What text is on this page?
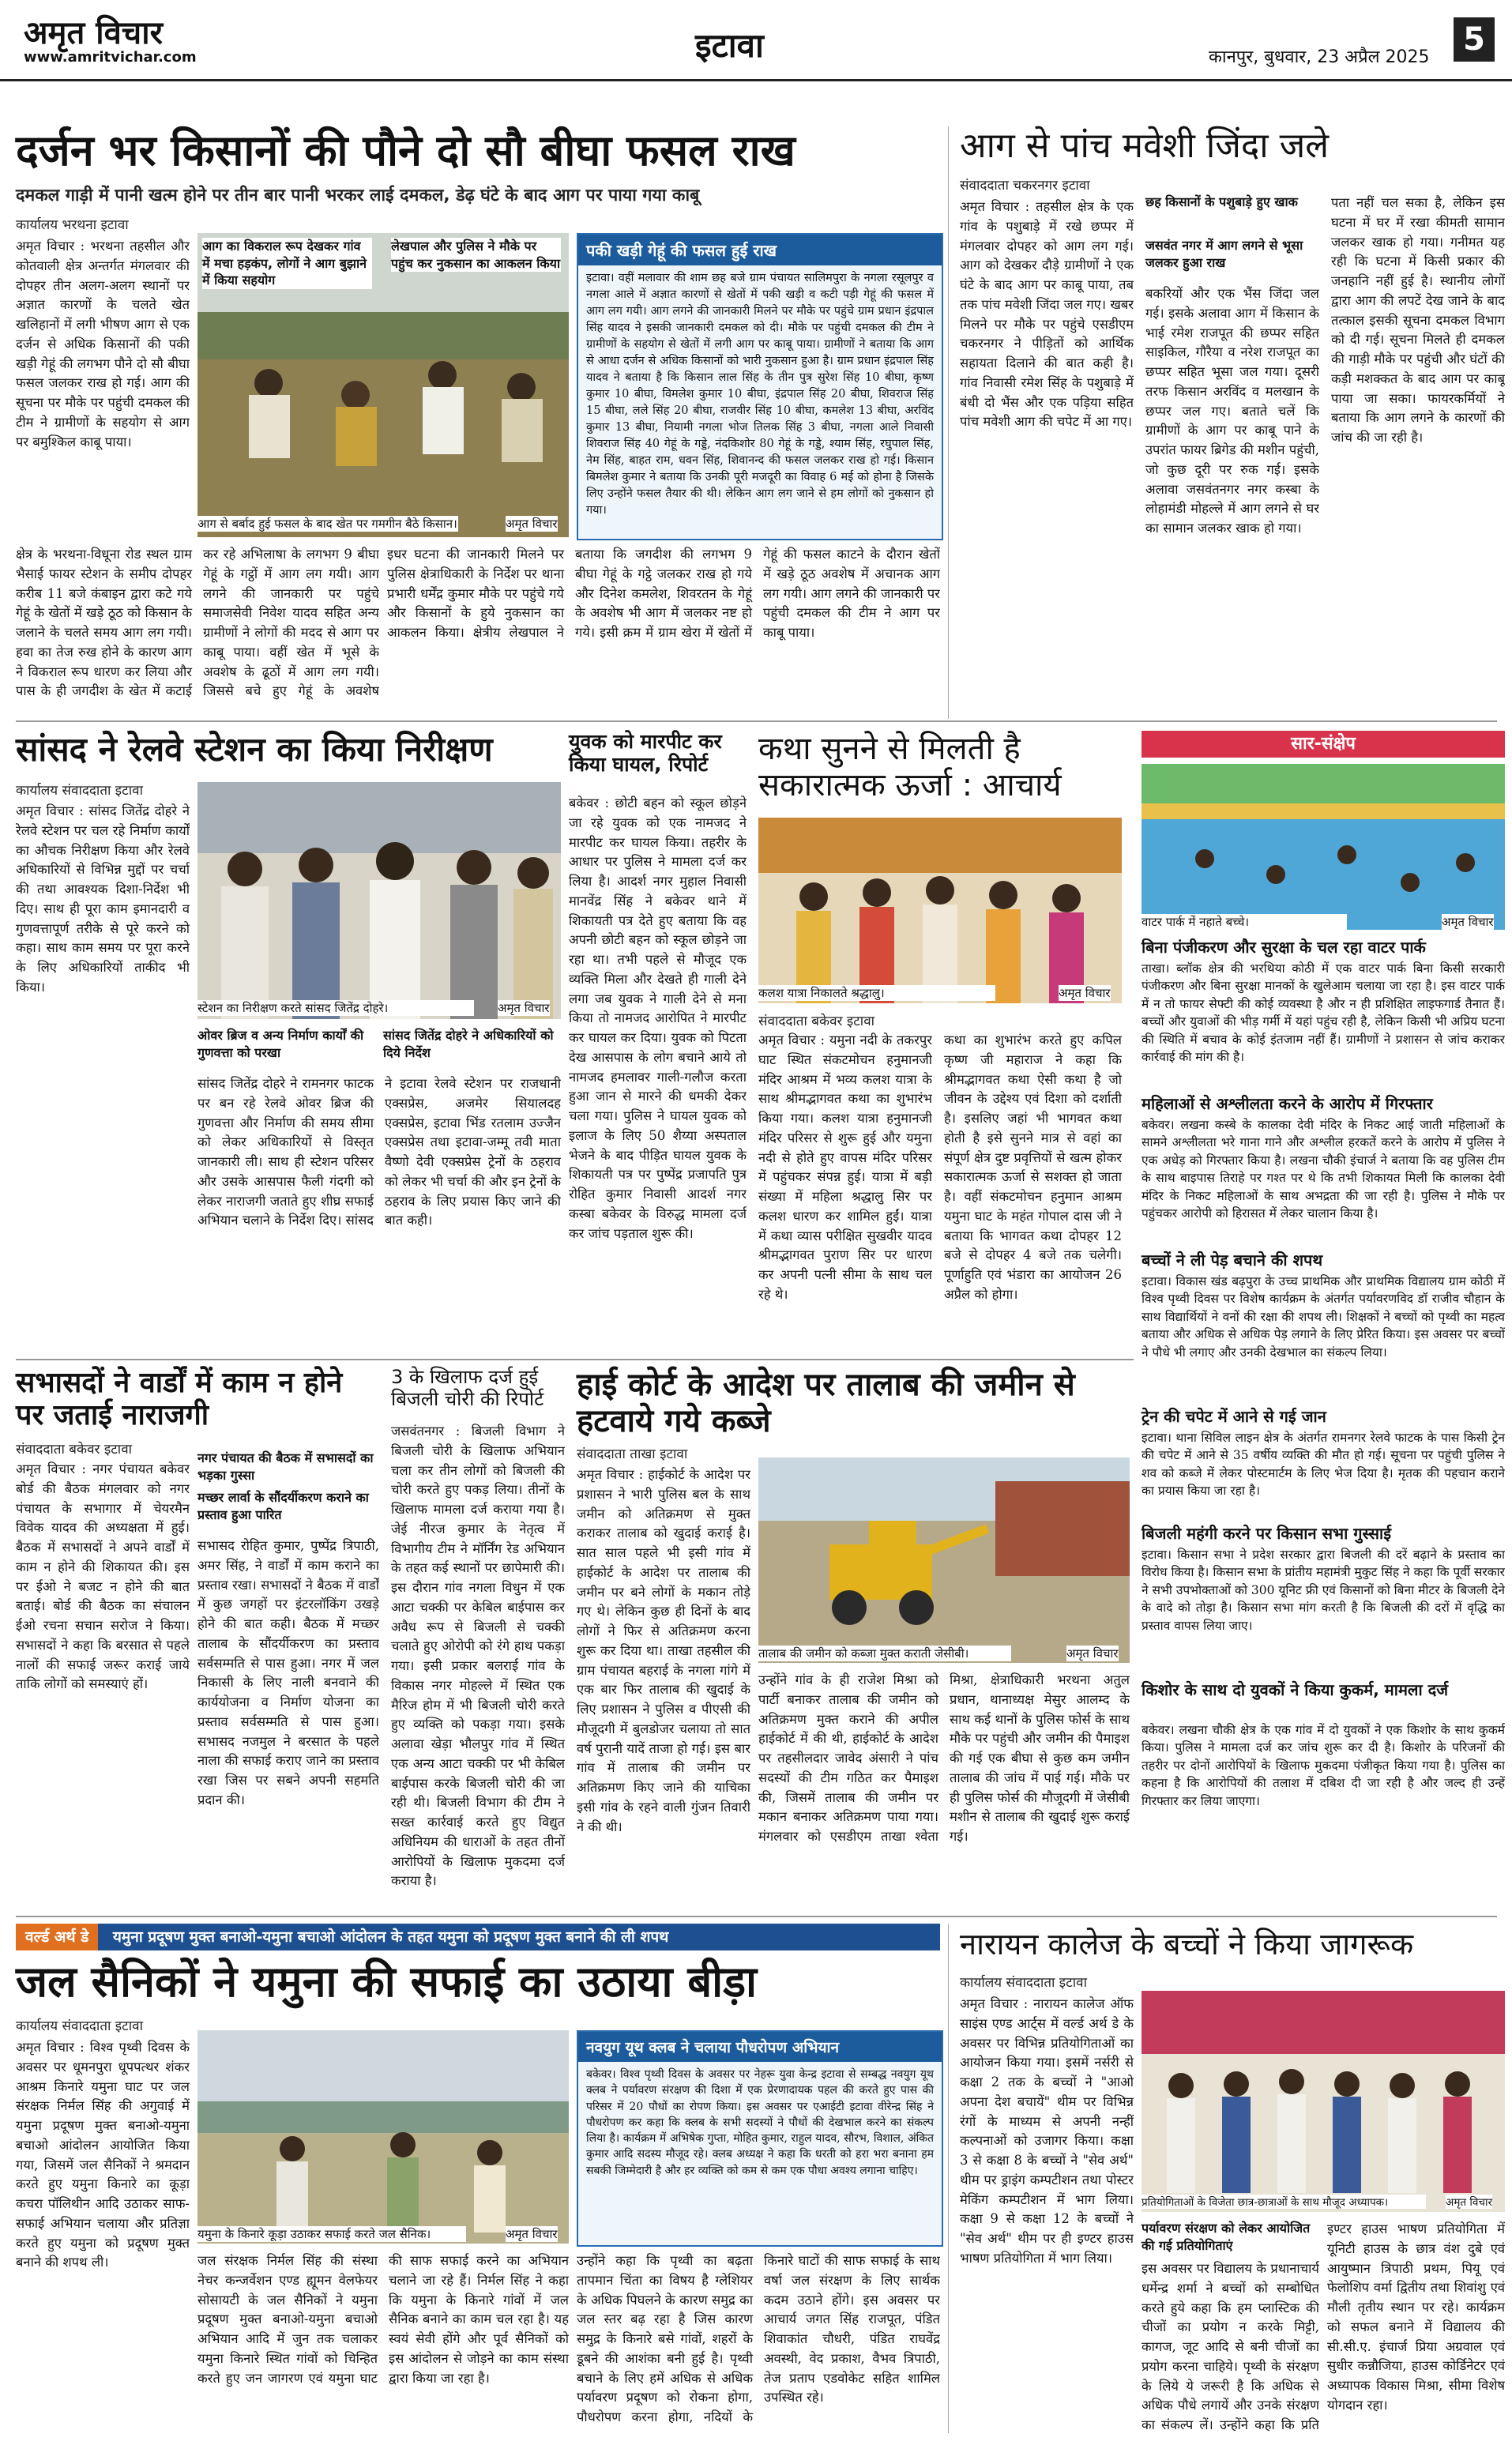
अमृत विचार
www.amritvichar.com	इटावा	कानपुर, बुधवार, 23 अप्रैल 2025	5
दर्जन भर किसानों की पौने दो सौ बीघा फसल राख
दमकल गाड़ी में पानी खत्म होने पर तीन बार पानी भरकर लाई दमकल, डेढ़ घंटे के बाद आग पर पाया गया काबू
कार्यालय भरथना इटावा
अमृत विचार : भरथना तहसील और कोतवाली क्षेत्र अन्तर्गत मंगलवार की दोपहर तीन अलग-अलग स्थानों पर अज्ञात कारणों के चलते खेत खलिहानों में लगी भीषण आग से एक दर्जन से अधिक किसानों की पकी खड़ी गेहूं की लगभग पौने दो सौ बीघा फसल जलकर राख हो गई। आग की सूचना पर मौके पर पहुंची दमकल की टीम ने ग्रामीणों के सहयोग से आग पर बमुश्किल काबू पाया।
आग का विकराल रूप देखकर गांव में मचा हड़कंप, लोगों ने आग बुझाने में किया सहयोग
लेखपाल और पुलिस ने मौके पर पहुंच कर नुकसान का आकलन किया
आग से बर्बाद हुई फसल के बाद खेत पर गमगीन बैठे किसान।	अमृत विचार
पकी खड़ी गेहूं की फसल हुई राख
इटावा। वहीं मलावार की शाम छह बजे ग्राम पंचायत सालिमपुरा के नगला रसूलपुर व नगला आले में अज्ञात कारणों से खेतों में पकी खड़ी व कटी पड़ी गेहूं की फसल में आग लग गयी। आग लगने की जानकारी मिलने पर मौके पर पहुंचे ग्राम प्रधान इंद्रपाल सिंह यादव ने इसकी जानकारी दमकल को दी। मौके पर पहुंची दमकल की टीम ने ग्रामीणों के सहयोग से खेतों में लगी आग पर काबू पाया। ग्रामीणों ने बताया कि आग से आधा दर्जन से अधिक किसानों को भारी नुकसान हुआ है। ग्राम प्रधान इंद्रपाल सिंह यादव ने बताया है कि किसान लाल सिंह के तीन पुत्र सुरेश सिंह 10 बीघा, कृष्ण कुमार 10 बीघा, विमलेश कुमार 10 बीघा, इंद्रपाल सिंह 20 बीघा, शिवराज सिंह 15 बीघा, लले सिंह 20 बीघा, राजवीर सिंह 10 बीघा, कमलेश 13 बीघा, अरविंद कुमार 13 बीघा, नियामी नगला भोज तिलक सिंह 3 बीघा, नगला आले निवासी शिवराज सिंह 40 गेहूं के गड्डे, नंदकिशोर 80 गेहूं के गड्डे, श्याम सिंह, रघुपाल सिंह, नेम सिंह, बाहत राम, धवन सिंह, शिवानन्द की फसल जलकर राख हो गई। किसान बिमलेश कुमार ने बताया कि उनकी पूरी मजदूरी का विवाह 6 मई को होना है जिसके लिए उन्होंने फसल तैयार की थी। लेकिन आग लग जाने से हम लोगों को नुकसान हो गया।
क्षेत्र के भरथना-विधूना रोड स्थल ग्राम भैसाई फायर स्टेशन के समीप दोपहर करीब 11 बजे कंबाइन द्वारा कटे गये गेहूं के खेतों में खड़े ठूठ को किसान के जलाने के चलते समय आग लग गयी। हवा का तेज रुख होने के कारण आग ने विकराल रूप धारण कर लिया और पास के ही जगदीश के खेत में कटाई कर रहे अभिलाषा के लगभग 9 बीघा गेहूं के गट्ठों में आग लग गयी। आग लगने की जानकारी पर पहुंचे समाजसेवी निवेश यादव सहित अन्य ग्रामीणों ने लोगों की मदद से आग पर काबू पाया। वहीं खेत में भूसे के अवशेष के ढूठों में आग लग गयी। जिससे बचे हुए गेहूं के अवशेष
इधर घटना की जानकारी मिलने पर पुलिस क्षेत्राधिकारी के निर्देश पर थाना प्रभारी धर्मेंद्र कुमार मौके पर पहुंचे गये और किसानों के हुये नुकसान का आकलन किया। क्षेत्रीय लेखपाल ने बताया कि जगदीश की लगभग 9 बीघा गेहूं के गट्ठे जलकर राख हो गये और दिनेश कमलेश, शिवरतन के गेहूं के अवशेष भी आग में जलकर नष्ट हो गये। इसी क्रम में ग्राम खेरा में खेतों में गेहूं की फसल काटने के दौरान खेतों में खड़े ठूठ अवशेष में अचानक आग लग गयी। आग लगने की जानकारी पर पहुंची दमकल की टीम ने आग पर काबू पाया।
आग से पांच मवेशी जिंदा जले
संवाददाता चकरनगर इटावा
अमृत विचार : तहसील क्षेत्र के एक गांव के पशुबाड़े में रखे छप्पर में मंगलवार दोपहर को आग लग गई। आग को देखकर दौड़े ग्रामीणों ने एक घंटे के बाद आग पर काबू पाया, तब तक पांच मवेशी जिंदा जल गए। खबर मिलने पर मौके पर पहुंचे एसडीएम चकरनगर ने पीड़ितों को आर्थिक सहायता दिलाने की बात कही है। गांव निवासी रमेश सिंह के पशुबाड़े में बंधी दो भैंस और एक पड़िया सहित पांच मवेशी आग की चपेट में आ गए।
छह किसानों के पशुबाड़े हुए खाक
जसवंत नगर में आग लगने से भूसा जलकर हुआ राख
बकरियों और एक भैंस जिंदा जल गई। इसके अलावा आग में किसान के भाई रमेश राजपूत की छप्पर सहित साइकिल, गौरैया व नरेश राजपूत का छप्पर सहित भूसा जल गया। दूसरी तरफ किसान अरविंद व मलखान के छप्पर जल गए। बताते चलें कि ग्रामीणों के आग पर काबू पाने के उपरांत फायर ब्रिगेड की मशीन पहुंची, जो कुछ दूरी पर रुक गई। इसके अलावा जसवंतनगर नगर कस्बा के लोहामंडी मोहल्ले में आग लगने से घर का सामान जलकर खाक हो गया।
पता नहीं चल सका है, लेकिन इस घटना में घर में रखा कीमती सामान जलकर खाक हो गया। गनीमत यह रही कि घटना में किसी प्रकार की जनहानि नहीं हुई है। स्थानीय लोगों द्वारा आग की लपटें देख जाने के बाद तत्काल इसकी सूचना दमकल विभाग को दी गई। सूचना मिलते ही दमकल की गाड़ी मौके पर पहुंची और घंटों की कड़ी मशक्कत के बाद आग पर काबू पाया जा सका। फायरकर्मियों ने बताया कि आग लगने के कारणों की जांच की जा रही है।
सांसद ने रेलवे स्टेशन का किया निरीक्षण
कार्यालय संवाददाता इटावा
अमृत विचार : सांसद जितेंद्र दोहरे ने रेलवे स्टेशन पर चल रहे निर्माण कार्यों का औचक निरीक्षण किया और रेलवे अधिकारियों से विभिन्न मुद्दों पर चर्चा की तथा आवश्यक दिशा-निर्देश भी दिए। साथ ही पूरा काम इमानदारी व गुणवत्तापूर्ण तरीके से पूरे करने को कहा। साथ काम समय पर पूरा करने के लिए अधिकारियों ताकीद भी किया।
स्टेशन का निरीक्षण करते सांसद जितेंद्र दोहरे।	अमृत विचार
ओवर ब्रिज व अन्य निर्माण कार्यों की गुणवत्ता को परखा
सांसद जितेंद्र दोहरे ने अधिकारियों को दिये निर्देश
सांसद जितेंद्र दोहरे ने रामनगर फाटक पर बन रहे रेलवे ओवर ब्रिज की गुणवत्ता और निर्माण की समय सीमा को लेकर अधिकारियों से विस्तृत जानकारी ली। साथ ही स्टेशन परिसर और उसके आसपास फैली गंदगी को लेकर नाराजगी जताते हुए शीघ्र सफाई अभियान चलाने के निर्देश दिए। सांसद ने इटावा रेलवे स्टेशन पर राजधानी एक्सप्रेस, अजमेर सियालदह एक्सप्रेस, इटावा भिंड रतलाम उज्जैन एक्सप्रेस तथा इटावा-जम्मू तवी माता वैष्णो देवी एक्सप्रेस ट्रेनों के ठहराव को लेकर भी चर्चा की और इन ट्रेनों के ठहराव के लिए प्रयास किए जाने की बात कही।
युवक को मारपीट कर किया घायल, रिपोर्ट
बकेवर : छोटी बहन को स्कूल छोड़ने जा रहे युवक को एक नामजद ने मारपीट कर घायल किया। तहरीर के आधार पर पुलिस ने मामला दर्ज कर लिया है। आदर्श नगर मुहाल निवासी मानवेंद्र सिंह ने बकेवर थाने में शिकायती पत्र देते हुए बताया कि वह अपनी छोटी बहन को स्कूल छोड़ने जा रहा था। तभी पहले से मौजूद एक व्यक्ति मिला और देखते ही गाली देने लगा जब युवक ने गाली देने से मना किया तो नामजद आरोपित ने मारपीट कर घायल कर दिया। युवक को पिटता देख आसपास के लोग बचाने आये तो नामजद हमलावर गाली-गलौज करता हुआ जान से मारने की धमकी देकर चला गया। पुलिस ने घायल युवक को इलाज के लिए 50 शैय्या अस्पताल भेजने के बाद पीड़ित घायल युवक के शिकायती पत्र पर पुष्पेंद्र प्रजापति पुत्र रोहित कुमार निवासी आदर्श नगर कस्बा बकेवर के विरुद्ध मामला दर्ज कर जांच पड़ताल शुरू की।
कथा सुनने से मिलती है सकारात्मक ऊर्जा : आचार्य
कलश यात्रा निकालते श्रद्धालु।	अमृत विचार
संवाददाता बकेवर इटावा
अमृत विचार : यमुना नदी के तकरपुर घाट स्थित संकटमोचन हनुमानजी मंदिर आश्रम में भव्य कलश यात्रा के साथ श्रीमद्भागवत कथा का शुभारंभ किया गया। कलश यात्रा हनुमानजी मंदिर परिसर से शुरू हुई और यमुना नदी से होते हुए वापस मंदिर परिसर में पहुंचकर संपन्न हुई। यात्रा में बड़ी संख्या में महिला श्रद्धालु सिर पर कलश धारण कर शामिल हुईं। यात्रा में कथा व्यास परीक्षित सुखवीर यादव श्रीमद्भागवत पुराण सिर पर धारण कर अपनी पत्नी सीमा के साथ चल रहे थे।
कथा का शुभारंभ करते हुए कपिल कृष्ण जी महाराज ने कहा कि श्रीमद्भागवत कथा ऐसी कथा है जो जीवन के उद्देश्य एवं दिशा को दर्शाती है। इसलिए जहां भी भागवत कथा होती है इसे सुनने मात्र से वहां का संपूर्ण क्षेत्र दुष्ट प्रवृत्तियों से खत्म होकर सकारात्मक ऊर्जा से सशक्त हो जाता है। वहीं संकटमोचन हनुमान आश्रम यमुना घाट के महंत गोपाल दास जी ने बताया कि भागवत कथा दोपहर 12 बजे से दोपहर 4 बजे तक चलेगी। पूर्णाहुति एवं भंडारा का आयोजन 26 अप्रैल को होगा।
सभासदों ने वार्डों में काम न होने पर जताई नाराजगी
संवाददाता बकेवर इटावा
अमृत विचार : नगर पंचायत बकेवर बोर्ड की बैठक मंगलवार को नगर पंचायत के सभागार में चेयरमैन विवेक यादव की अध्यक्षता में हुई। बैठक में सभासदों ने अपने वार्डों में काम न होने की शिकायत की। इस पर ईओ ने बजट न होने की बात बताई। बोर्ड की बैठक का संचालन ईओ रचना सचान सरोज ने किया। सभासदों ने कहा कि बरसात से पहले नालों की सफाई जरूर कराई जाये ताकि लोगों को समस्याएं हों।
नगर पंचायत की बैठक में सभासदों का भड़का गुस्सा
मच्छर लार्वा के सौंदर्यीकरण कराने का प्रस्ताव हुआ पारित
सभासद रोहित कुमार, पुष्पेंद्र त्रिपाठी, अमर सिंह, ने वार्डों में काम कराने का प्रस्ताव रखा। सभासदों ने बैठक में वार्डों में कुछ जगहों पर इंटरलॉकिंग उखड़े होने की बात कही। बैठक में मच्छर तालाब के सौंदर्यीकरण का प्रस्ताव सर्वसम्मति से पास हुआ। नगर में जल निकासी के लिए नाली बनवाने की कार्ययोजना व निर्माण योजना का प्रस्ताव सर्वसम्मति से पास हुआ। सभासद नजमुल ने बरसात के पहले नाला की सफाई कराए जाने का प्रस्ताव रखा जिस पर सबने अपनी सहमति प्रदान की।
3 के खिलाफ दर्ज हुई बिजली चोरी की रिपोर्ट
जसवंतनगर : बिजली विभाग ने बिजली चोरी के खिलाफ अभियान चला कर तीन लोगों को बिजली की चोरी करते हुए पकड़ लिया। तीनों के खिलाफ मामला दर्ज कराया गया है। जेई नीरज कुमार के नेतृत्व में विभागीय टीम ने मॉर्निंग रेड अभियान के तहत कई स्थानों पर छापेमारी की। इस दौरान गांव नगला विधुन में एक आटा चक्की पर केबिल बाईपास कर अवैध रूप से बिजली से चक्की चलाते हुए ओरोपी को रंगे हाथ पकड़ा गया। इसी प्रकार बलराई गांव के विकास नगर मोहल्ले में स्थित एक मैरिज होम में भी बिजली चोरी करते हुए व्यक्ति को पकड़ा गया। इसके अलावा खेड़ा भौलपुर गांव में स्थित एक अन्य आटा चक्की पर भी केबिल बाईपास करके बिजली चोरी की जा रही थी। बिजली विभाग की टीम ने सख्त कार्रवाई करते हुए विद्युत अधिनियम की धाराओं के तहत तीनों आरोपियों के खिलाफ मुकदमा दर्ज कराया है।
हाई कोर्ट के आदेश पर तालाब की जमीन से हटवाये गये कब्जे
संवाददाता ताखा इटावा
अमृत विचार : हाईकोर्ट के आदेश पर प्रशासन ने भारी पुलिस बल के साथ जमीन को अतिक्रमण से मुक्त कराकर तालाब को खुदाई कराई है। सात साल पहले भी इसी गांव में हाईकोर्ट के आदेश पर तालाब की जमीन पर बने लोगों के मकान तोड़े गए थे। लेकिन कुछ ही दिनों के बाद लोगों ने फिर से अतिक्रमण करना शुरू कर दिया था। ताखा तहसील की ग्राम पंचायत बहराई के नगला गांगे में एक बार फिर तालाब की खुदाई के लिए प्रशासन ने पुलिस व पीएसी की मौजूदगी में बुलडोजर चलाया तो सात वर्ष पुरानी यादें ताजा हो गई। इस बार गांव में तालाब की जमीन पर अतिक्रमण किए जाने की याचिका इसी गांव के रहने वाली गुंजन तिवारी ने की थी।
तालाब की जमीन को कब्जा मुक्त कराती जेसीबी।	अमृत विचार
उन्होंने गांव के ही राजेश मिश्रा को पार्टी बनाकर तालाब की जमीन को अतिक्रमण मुक्त कराने की अपील हाईकोर्ट में की थी, हाईकोर्ट के आदेश पर तहसीलदार जावेद अंसारी ने पांच सदस्यों की टीम गठित कर पैमाइश की, जिसमें तालाब की जमीन पर मकान बनाकर अतिक्रमण पाया गया। मंगलवार को एसडीएम ताखा श्वेता मिश्रा, क्षेत्राधिकारी भरथना अतुल प्रधान, थानाध्यक्ष मेसुर आलम्द के साथ कई थानों के पुलिस फोर्स के साथ मौके पर पहुंची और जमीन की पैमाइश की गई एक बीघा से कुछ कम जमीन तालाब की जांच में पाई गई। मौके पर ही पुलिस फोर्स की मौजूदगी में जेसीबी मशीन से तालाब की खुदाई शुरू कराई गई।
सार-संक्षेप
वाटर पार्क में नहाते बच्चे।	अमृत विचार
बिना पंजीकरण और सुरक्षा के चल रहा वाटर पार्क
ताखा। ब्लॉक क्षेत्र की भरथिया कोठी में एक वाटर पार्क बिना किसी सरकारी पंजीकरण और बिना सुरक्षा मानकों के खुलेआम चलाया जा रहा है। इस वाटर पार्क में न तो फायर सेफ्टी की कोई व्यवस्था है और न ही प्रशिक्षित लाइफगार्ड तैनात हैं। बच्चों और युवाओं की भीड़ गर्मी में यहां पहुंच रही है, लेकिन किसी भी अप्रिय घटना की स्थिति में बचाव के कोई इंतजाम नहीं हैं। ग्रामीणों ने प्रशासन से जांच कराकर कार्रवाई की मांग की है।
महिलाओं से अश्लीलता करने के आरोप में गिरफ्तार
बकेवर। लखना कस्बे के कालका देवी मंदिर के निकट आई जाती महिलाओं के सामने अश्लीलता भरे गाना गाने और अश्लील हरकतें करने के आरोप में पुलिस ने एक अधेड़ को गिरफ्तार किया है। लखना चौकी इंचार्ज ने बताया कि वह पुलिस टीम के साथ बाइपास तिराहे पर गश्त पर थे कि तभी शिकायत मिली कि कालका देवी मंदिर के निकट महिलाओं के साथ अभद्रता की जा रही है। पुलिस ने मौके पर पहुंचकर आरोपी को हिरासत में लेकर चालान किया है।
बच्चों ने ली पेड़ बचाने की शपथ
इटावा। विकास खंड बढ़पुरा के उच्च प्राथमिक और प्राथमिक विद्यालय ग्राम कोठी में विश्व पृथ्वी दिवस पर विशेष कार्यक्रम के अंतर्गत पर्यावरणविद डॉ राजीव चौहान के साथ विद्यार्थियों ने वनों की रक्षा की शपथ ली। शिक्षकों ने बच्चों को पृथ्वी का महत्व बताया और अधिक से अधिक पेड़ लगाने के लिए प्रेरित किया। इस अवसर पर बच्चों ने पौधे भी लगाए और उनकी देखभाल का संकल्प लिया।
ट्रेन की चपेट में आने से गई जान
इटावा। थाना सिविल लाइन क्षेत्र के अंतर्गत रामनगर रेलवे फाटक के पास किसी ट्रेन की चपेट में आने से 35 वर्षीय व्यक्ति की मौत हो गई। सूचना पर पहुंची पुलिस ने शव को कब्जे में लेकर पोस्टमार्टम के लिए भेज दिया है। मृतक की पहचान कराने का प्रयास किया जा रहा है।
बिजली महंगी करने पर किसान सभा गुस्साई
इटावा। किसान सभा ने प्रदेश सरकार द्वारा बिजली की दरें बढ़ाने के प्रस्ताव का विरोध किया है। किसान सभा के प्रांतीय महामंत्री मुकुट सिंह ने कहा कि पूर्वी सरकार ने सभी उपभोक्ताओं को 300 यूनिट फ्री एवं किसानों को बिना मीटर के बिजली देने के वादे को तोड़ा है। किसान सभा मांग करती है कि बिजली की दरों में वृद्धि का प्रस्ताव वापस लिया जाए।
किशोर के साथ दो युवकों ने किया कुकर्म, मामला दर्ज
बकेवर। लखना चौकी क्षेत्र के एक गांव में दो युवकों ने एक किशोर के साथ कुकर्म किया। पुलिस ने मामला दर्ज कर जांच शुरू कर दी है। किशोर के परिजनों की तहरीर पर दोनों आरोपियों के खिलाफ मुकदमा पंजीकृत किया गया है। पुलिस का कहना है कि आरोपियों की तलाश में दबिश दी जा रही है और जल्द ही उन्हें गिरफ्तार कर लिया जाएगा।
वर्ल्ड अर्थ डे यमुना प्रदूषण मुक्त बनाओ-यमुना बचाओ आंदोलन के तहत यमुना को प्रदूषण मुक्त बनाने की ली शपथ
जल सैनिकों ने यमुना की सफाई का उठाया बीड़ा
कार्यालय संवाददाता इटावा
अमृत विचार : विश्व पृथ्वी दिवस के अवसर पर धूमनपुरा धूपपत्थर शंकर आश्रम किनारे यमुना घाट पर जल संरक्षक निर्मल सिंह की अगुवाई में यमुना प्रदूषण मुक्त बनाओ-यमुना बचाओ आंदोलन आयोजित किया गया, जिसमें जल सैनिकों ने श्रमदान करते हुए यमुना किनारे का कूड़ा कचरा पॉलिथीन आदि उठाकर साफ-सफाई अभियान चलाया और प्रतिज्ञा करते हुए यमुना को प्रदूषण मुक्त बनाने की शपथ ली।
यमुना के किनारे कूड़ा उठाकर सफाई करते जल सैनिक।	अमृत विचार
नवयुग यूथ क्लब ने चलाया पौधरोपण अभियान
बकेवर। विश्व पृथ्वी दिवस के अवसर पर नेहरू युवा केन्द्र इटावा से सम्बद्ध नवयुग यूथ क्लब ने पर्यावरण संरक्षण की दिशा में एक प्रेरणादायक पहल की करते हुए पास की परिसर में 20 पौधों का रोपण किया। इस अवसर पर एआईटी इटावा वीरेन्द्र सिंह ने पौधरोपण कर कहा कि क्लब के सभी सदस्यों ने पौधों की देखभाल करने का संकल्प लिया है। कार्यक्रम में अभिषेक गुप्ता, मोहित कुमार, राहुल यादव, सौरभ, विशाल, अंकित कुमार आदि सदस्य मौजूद रहे। क्लब अध्यक्ष ने कहा कि धरती को हरा भरा बनाना हम सबकी जिम्मेदारी है और हर व्यक्ति को कम से कम एक पौधा अवश्य लगाना चाहिए।
जल संरक्षक निर्मल सिंह की संस्था नेचर कन्जर्वेशन एण्ड ह्यूमन वेलफेयर सोसायटी के जल सैनिकों ने यमुना प्रदूषण मुक्त बनाओ-यमुना बचाओ अभियान आदि में जुन तक चलाकर यमुना किनारे स्थित गांवों को चिन्हित करते हुए जन जागरण एवं यमुना घाट की साफ सफाई करने का अभियान चलाने जा रहे हैं। निर्मल सिंह ने कहा कि यमुना के किनारे गांवों में जल सैनिक बनाने का काम चल रहा है। यह स्वयं सेवी होंगे और पूर्व सैनिकों को इस आंदोलन से जोड़ने का काम संस्था द्वारा किया जा रहा है।
उन्होंने कहा कि पृथ्वी का बढ़ता तापमान चिंता का विषय है ग्लेशियर के अधिक पिघलने के कारण समुद्र का जल स्तर बढ़ रहा है जिस कारण समुद्र के किनारे बसे गांवों, शहरों के डूबने की आशंका बनी हुई है। पृथ्वी बचाने के लिए हमें अधिक से अधिक पर्यावरण प्रदूषण को रोकना होगा, पौधरोपण करना होगा, नदियों के किनारे घाटों की साफ सफाई के साथ वर्षा जल संरक्षण के लिए सार्थक कदम उठाने होंगे। इस अवसर पर आचार्य जगत सिंह राजपूत, पंडित शिवाकांत चौधरी, पंडित राघवेंद्र अवस्थी, वेद प्रकाश, वैभव त्रिपाठी, तेज प्रताप एडवोकेट सहित शामिल उपस्थित रहे।
नारायन कालेज के बच्चों ने किया जागरूक
कार्यालय संवाददाता इटावा
अमृत विचार : नारायन कालेज ऑफ साइंस एण्ड आर्ट्स में वर्ल्ड अर्थ डे के अवसर पर विभिन्न प्रतियोगिताओं का आयोजन किया गया। इसमें नर्सरी से कक्षा 2 तक के बच्चों ने "आओ अपना देश बचायें" थीम पर विभिन्न रंगों के माध्यम से अपनी नन्हीं कल्पनाओं को उजागर किया। कक्षा 3 से कक्षा 8 के बच्चों ने "सेव अर्थ" थीम पर ड्राइंग कम्पटीशन तथा पोस्टर मेकिंग कम्पटीशन में भाग लिया। कक्षा 9 से कक्षा 12 के बच्चों ने "सेव अर्थ" थीम पर ही इण्टर हाउस भाषण प्रतियोगिता में भाग लिया।
प्रतियोगिताओं के विजेता छात्र-छात्राओं के साथ मौजूद अध्यापक।	अमृत विचार
पर्यावरण संरक्षण को लेकर आयोजित की गई प्रतियोगिताएं
इस अवसर पर विद्यालय के प्रधानाचार्य धर्मेन्द्र शर्मा ने बच्चों को सम्बोधित करते हुये कहा कि हम प्लास्टिक की चीजों का प्रयोग न करके मिट्टी, कागज, जूट आदि से बनी चीजों का प्रयोग करना चाहिये। पृथ्वी के संरक्षण के लिये ये जरूरी है कि अधिक से अधिक पौधे लगायें और उनके संरक्षण का संकल्प लें। उन्होंने कहा कि प्रति
इण्टर हाउस भाषण प्रतियोगिता में यूनिटी हाउस के छात्र वंश दुबे एवं आयुष्मान त्रिपाठी प्रथम, पियू एवं फेलोशिप वर्मा द्वितीय तथा शिवांशु एवं मौली तृतीय स्थान पर रहे। कार्यक्रम को सफल बनाने में विद्यालय की सी.सी.ए. इंचार्ज प्रिया अग्रवाल एवं सुधीर कन्नौजिया, हाउस कोर्डिनेटर एवं अध्यापक विकास मिश्रा, सीमा विशेष योगदान रहा।
